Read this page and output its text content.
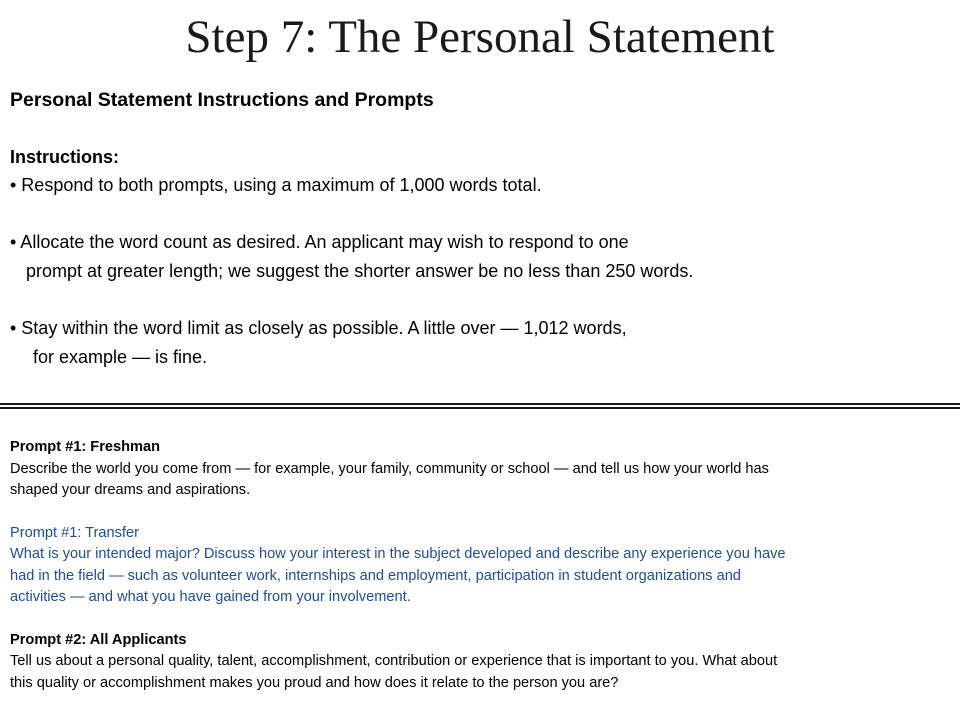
Step 7: The Personal Statement

Personal Statement Instructions and Prompts

Instructions:

• Respond to both prompts, using a maximum of 1,000 words total.
• Allocate the word count as desired. An applicant may wish to respond to one
prompt at greater length; we suggest the shorter answer be no less than 250 words.
• Stay within the word limit as closely as possible. A little over — 1,012 words,
for example — is fine.
Prompt #1: Freshman
Describe the world you come from — for example, your family, community or school — and tell us how your world has
shaped your dreams and aspirations.
Prompt #1: Transfer
What is your intended major? Discuss how your interest in the subject developed and describe any experience you have
had in the field — such as volunteer work, internships and employment, participation in student organizations and
activities — and what you have gained from your involvement.
Prompt #2: All Applicants
Tell us about a personal quality, talent, accomplishment, contribution or experience that is important to you. What about
this quality or accomplishment makes you proud and how does it relate to the person you are?
